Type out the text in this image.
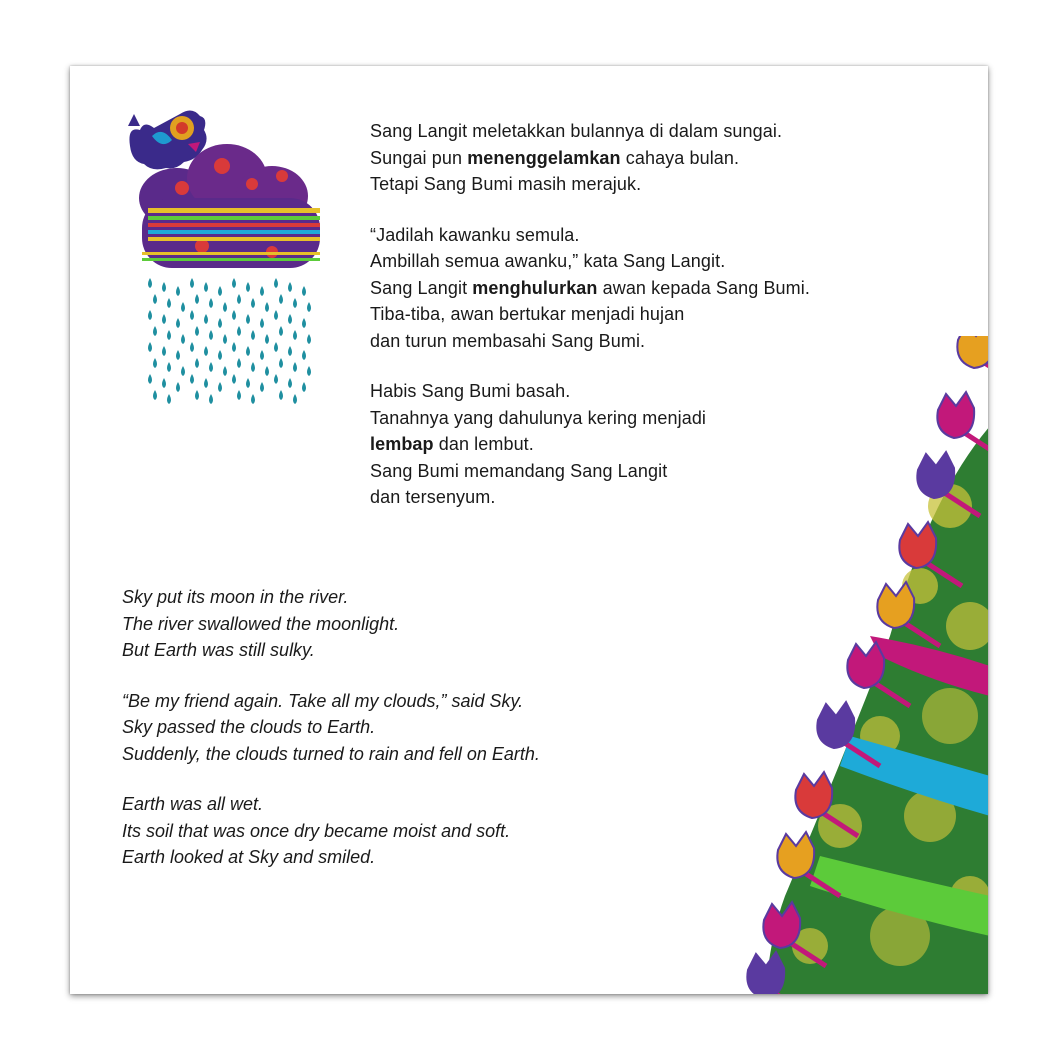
Sang Langit meletakkan bulannya di dalam sungai.
Sungai pun menenggelamkan cahaya bulan.
Tetapi Sang Bumi masih merajuk.
“Jadilah kawanku semula.
Ambillah semua awanku,” kata Sang Langit.
Sang Langit menghulurkan awan kepada Sang Bumi.
Tiba-tiba, awan bertukar menjadi hujan
dan turun membasahi Sang Bumi.
Habis Sang Bumi basah.
Tanahnya yang dahulunya kering menjadi
lembap dan lembut.
Sang Bumi memandang Sang Langit
dan tersenyum.
Sky put its moon in the river.
The river swallowed the moonlight.
But Earth was still sulky.
“Be my friend again. Take all my clouds,” said Sky.
Sky passed the clouds to Earth.
Suddenly, the clouds turned to rain and fell on Earth.
Earth was all wet.
Its soil that was once dry became moist and soft.
Earth looked at Sky and smiled.
